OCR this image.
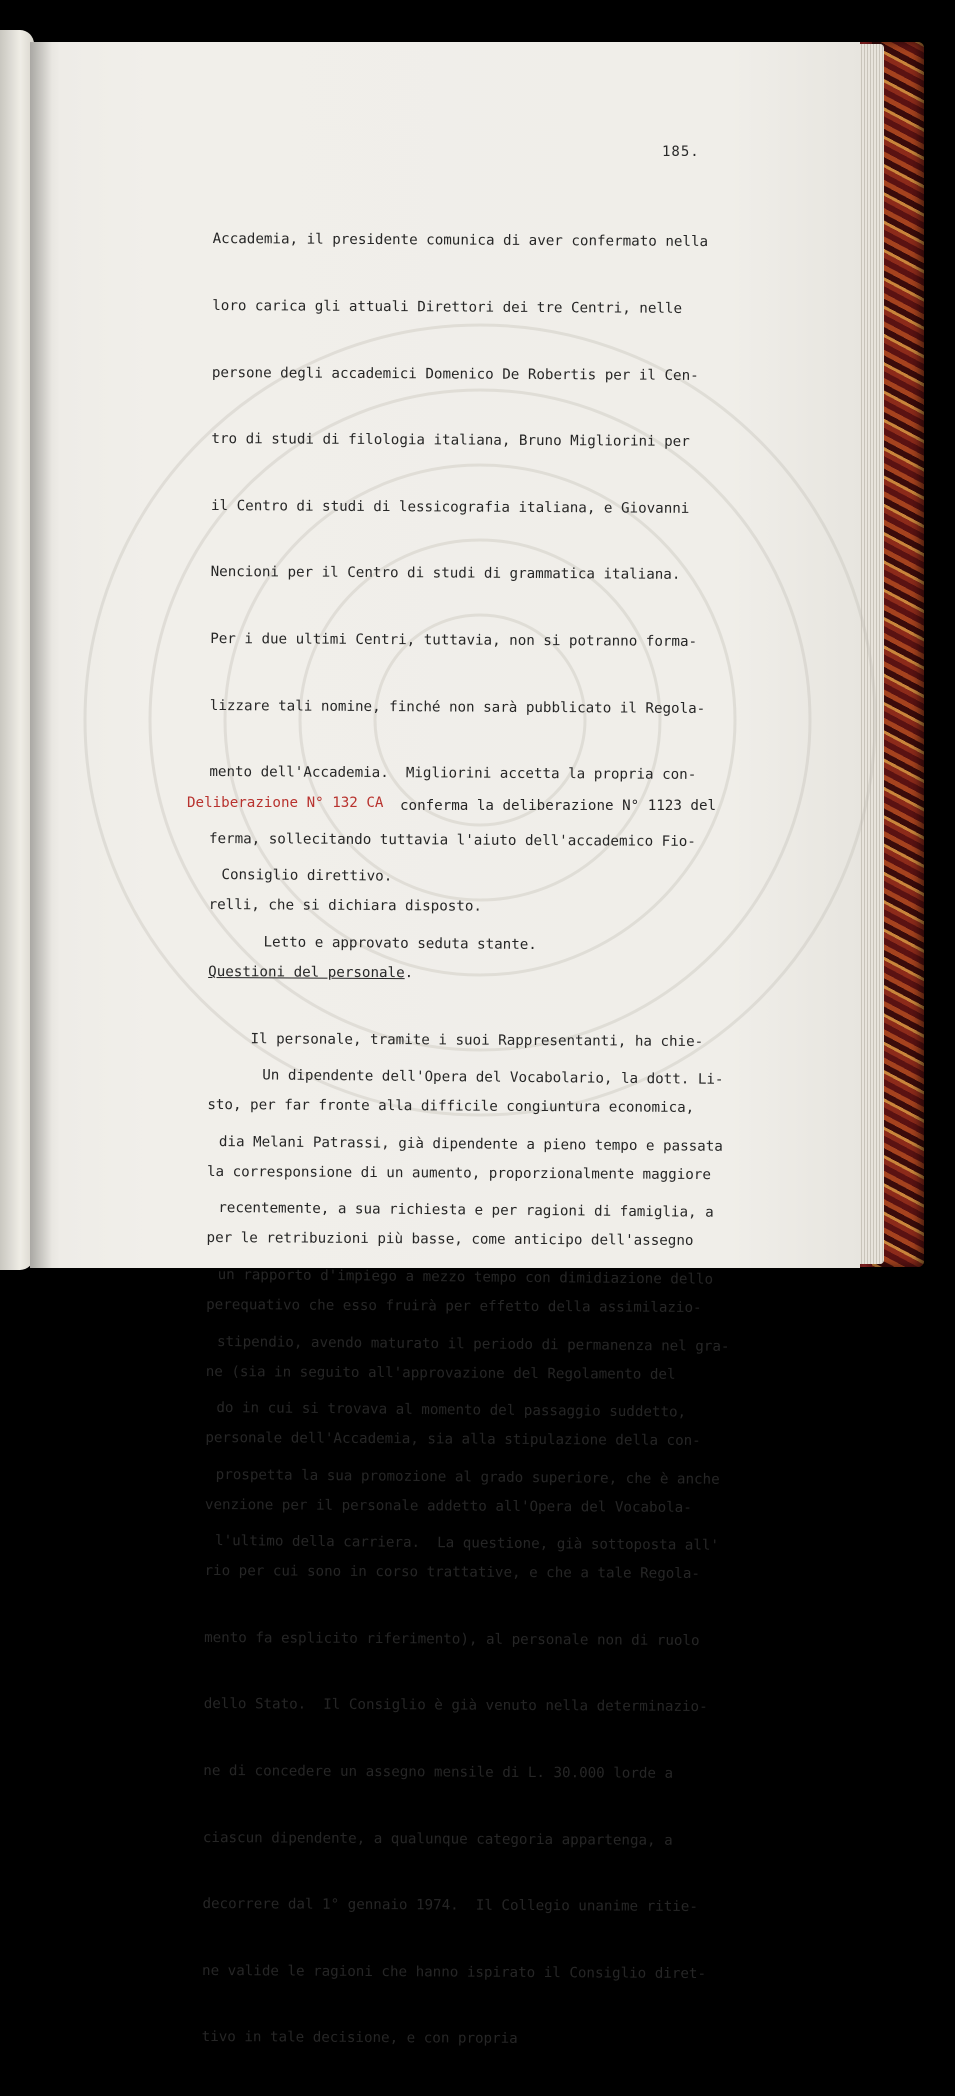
185.

Accademia, il presidente comunica di aver confermato nella

loro carica gli attuali Direttori dei tre Centri, nelle

persone degli accademici Domenico De Robertis per il Cen-

tro di studi di filologia italiana, Bruno Migliorini per

il Centro di studi di lessicografia italiana, e Giovanni

Nencioni per il Centro di studi di grammatica italiana.

Per i due ultimi Centri, tuttavia, non si potranno forma-

lizzare tali nomine, finché non sarà pubblicato il Regola-

mento dell'Accademia.  Migliorini accetta la propria con-

ferma, sollecitando tuttavia l'aiuto dell'accademico Fio-

relli, che si dichiara disposto.

Questioni del personale.

Il personale, tramite i suoi Rappresentanti, ha chie-

sto, per far fronte alla difficile congiuntura economica,

la corresponsione di un aumento, proporzionalmente maggiore

per le retribuzioni più basse, come anticipo dell'assegno

perequativo che esso fruirà per effetto della assimilazio-

ne (sia in seguito all'approvazione del Regolamento del

personale dell'Accademia, sia alla stipulazione della con-

venzione per il personale addetto all'Opera del Vocabola-

rio per cui sono in corso trattative, e che a tale Regola-

mento fa esplicito riferimento), al personale non di ruolo

dello Stato.  Il Consiglio è già venuto nella determinazio-

ne di concedere un assegno mensile di L. 30.000 lorde a

ciascun dipendente, a qualunque categoria appartenga, a

decorrere dal 1° gennaio 1974.  Il Collegio unanime ritie-

ne valide le ragioni che hanno ispirato il Consiglio diret-

tivo in tale decisione, e con propria

Deliberazione N° 132 CA conferma la deliberazione N° 1123 del

Consiglio direttivo.

Letto e approvato seduta stante.

Un dipendente dell'Opera del Vocabolario, la dott. Li-

dia Melani Patrassi, già dipendente a pieno tempo e passata

recentemente, a sua richiesta e per ragioni di famiglia, a

un rapporto d'impiego a mezzo tempo con dimidiazione dello

stipendio, avendo maturato il periodo di permanenza nel gra-

do in cui si trovava al momento del passaggio suddetto,

prospetta la sua promozione al grado superiore, che è anche

l'ultimo della carriera.  La questione, già sottoposta all'
